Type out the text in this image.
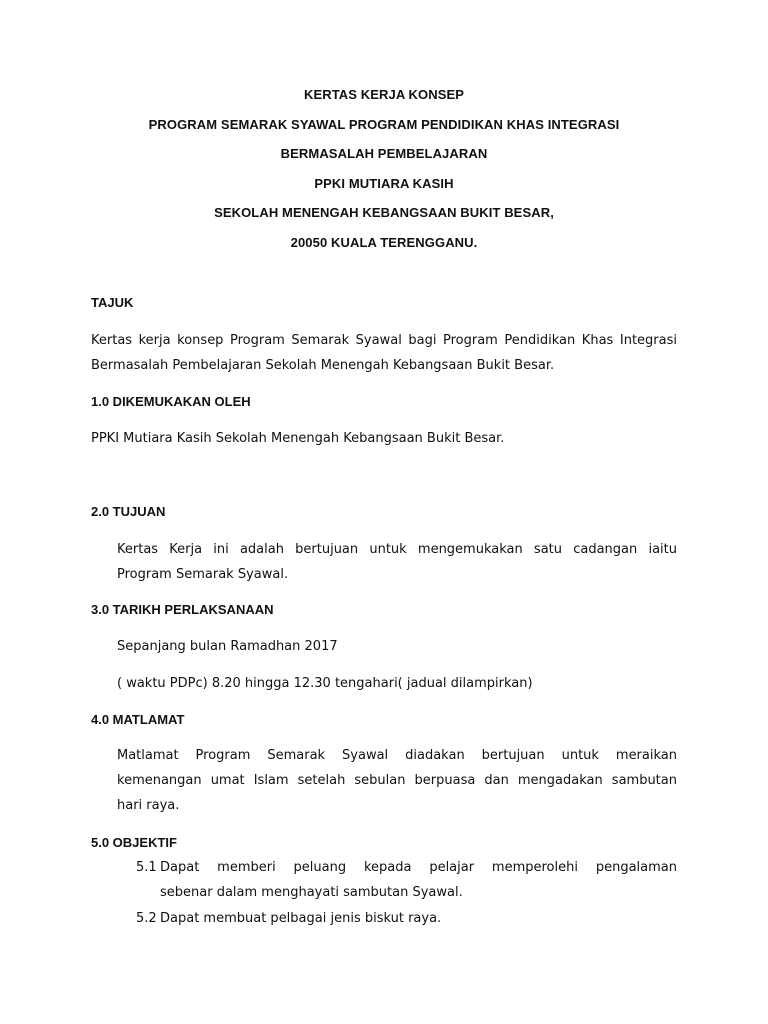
KERTAS KERJA KONSEP
PROGRAM SEMARAK SYAWAL PROGRAM PENDIDIKAN KHAS INTEGRASI
BERMASALAH PEMBELAJARAN
PPKI MUTIARA KASIH
SEKOLAH MENENGAH KEBANGSAAN BUKIT BESAR,
20050 KUALA TERENGGANU.
TAJUK
Kertas kerja konsep Program Semarak Syawal bagi Program Pendidikan Khas Integrasi
Bermasalah Pembelajaran Sekolah Menengah Kebangsaan Bukit Besar.
1.0 DIKEMUKAKAN OLEH
PPKI Mutiara Kasih Sekolah Menengah Kebangsaan Bukit Besar.
2.0 TUJUAN
Kertas Kerja ini adalah bertujuan untuk mengemukakan satu cadangan iaitu
Program Semarak Syawal.
3.0 TARIKH PERLAKSANAAN
Sepanjang bulan Ramadhan 2017
( waktu PDPc) 8.20 hingga 12.30 tengahari( jadual dilampirkan)
4.0 MATLAMAT
Matlamat Program Semarak Syawal diadakan bertujuan untuk meraikan
kemenangan umat Islam setelah sebulan berpuasa dan mengadakan sambutan
hari raya.
5.0 OBJEKTIF
5.1 Dapat memberi peluang kepada pelajar memperolehi pengalaman
sebenar dalam menghayati sambutan Syawal.
5.2 Dapat membuat pelbagai jenis biskut raya.
